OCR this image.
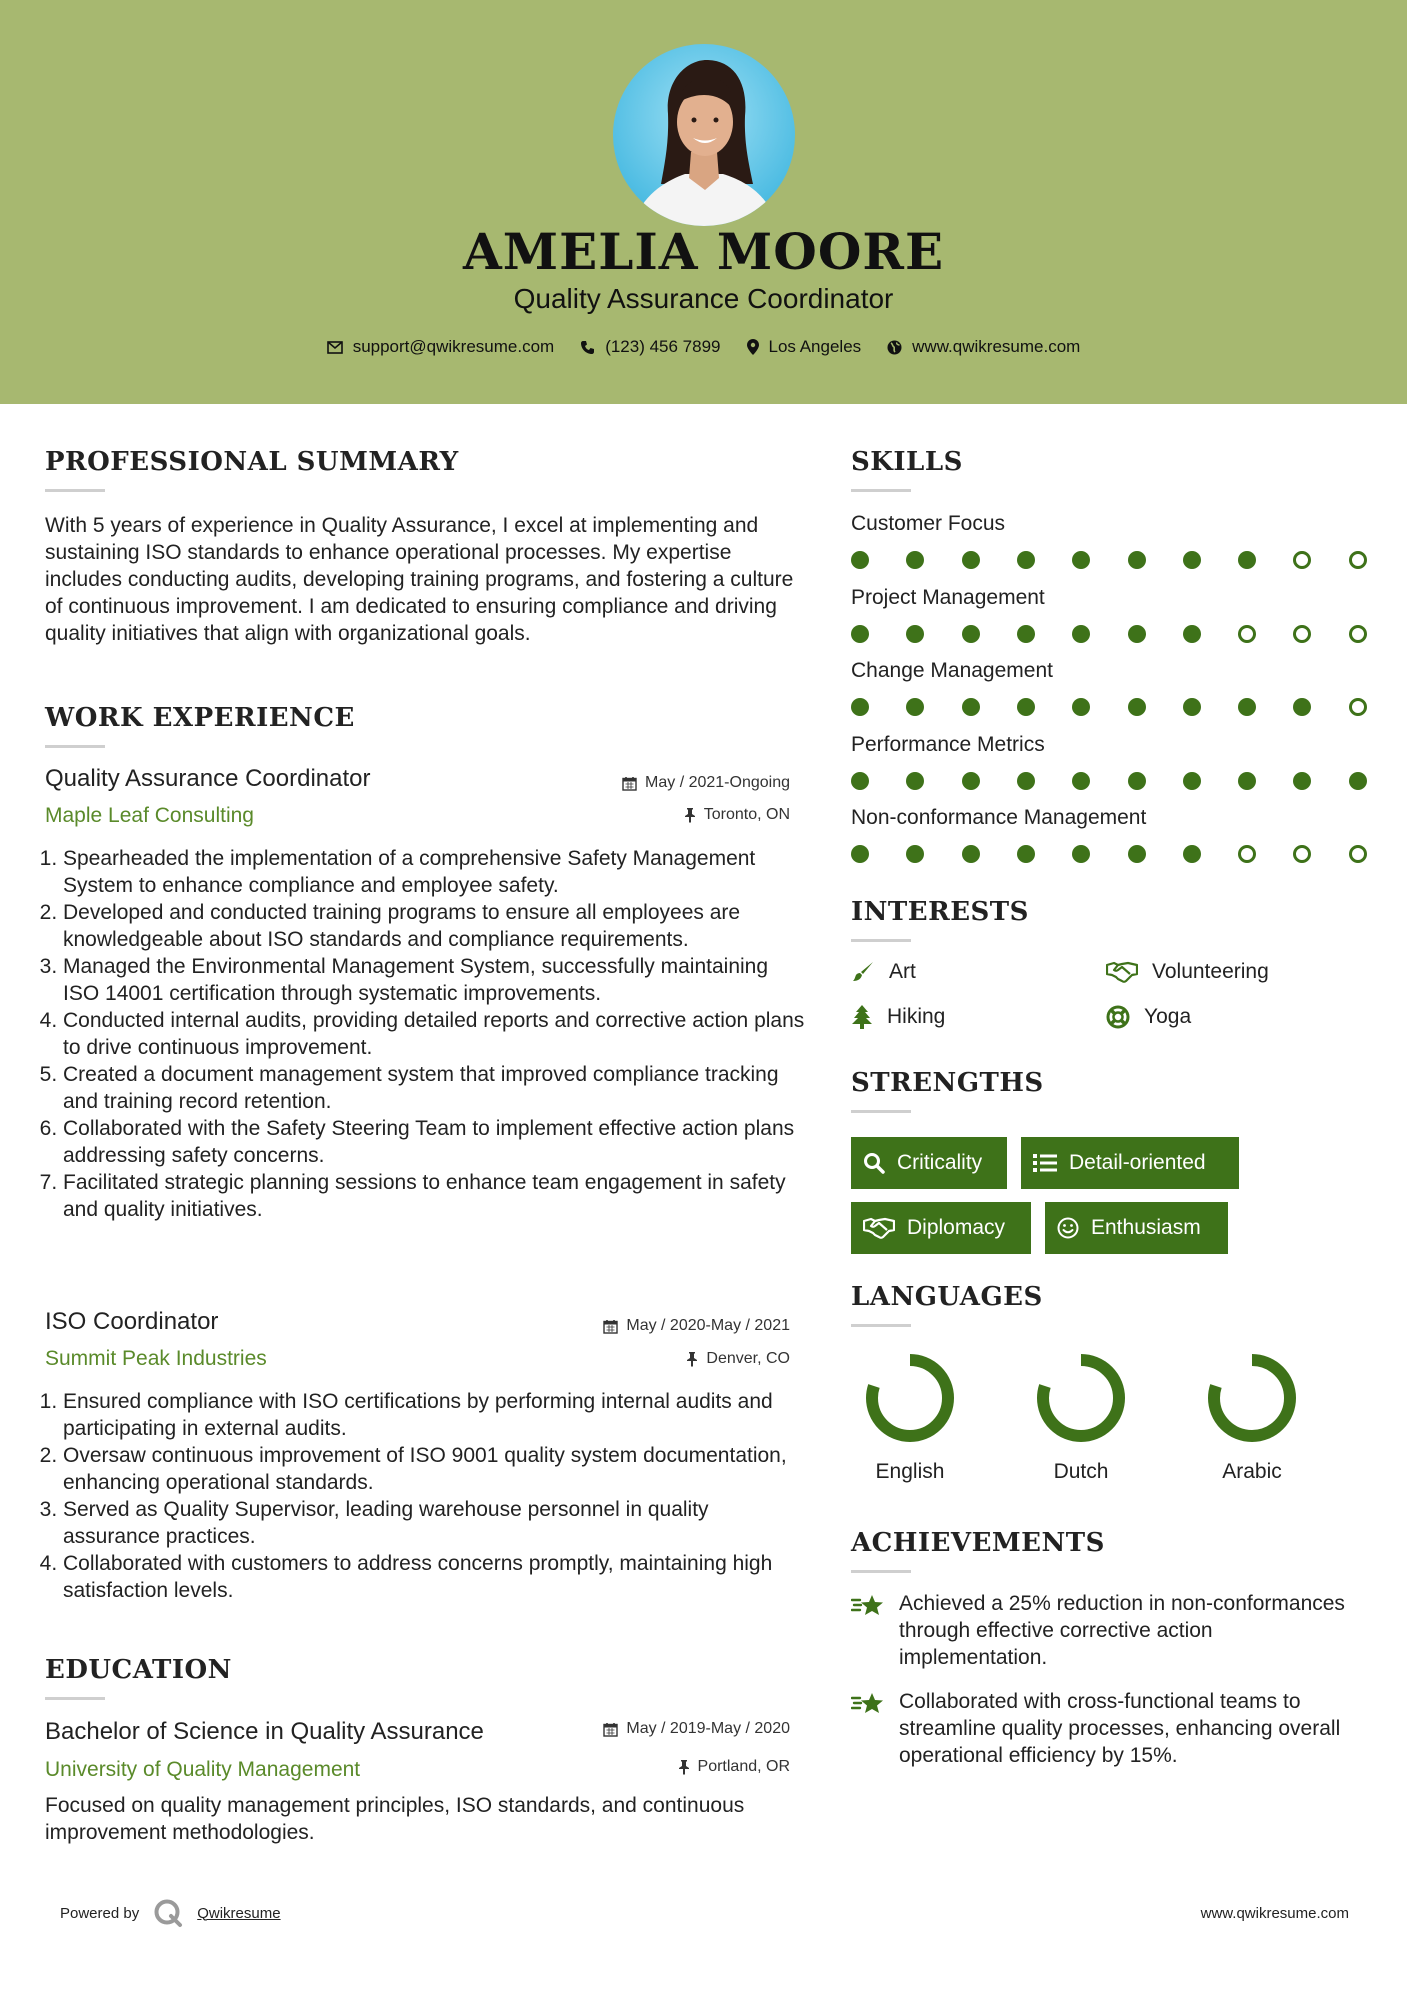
AMELIA MOORE
Quality Assurance Coordinator
support@qwikresume.com	(123) 456 7899	Los Angeles	www.qwikresume.com
PROFESSIONAL SUMMARY
With 5 years of experience in Quality Assurance, I excel at implementing and sustaining ISO standards to enhance operational processes. My expertise includes conducting audits, developing training programs, and fostering a culture of continuous improvement. I am dedicated to ensuring compliance and driving quality initiatives that align with organizational goals.
WORK EXPERIENCE
Quality Assurance Coordinator	May / 2021-Ongoing
Maple Leaf Consulting	Toronto, ON
1. Spearheaded the implementation of a comprehensive Safety Management System to enhance compliance and employee safety.
2. Developed and conducted training programs to ensure all employees are knowledgeable about ISO standards and compliance requirements.
3. Managed the Environmental Management System, successfully maintaining ISO 14001 certification through systematic improvements.
4. Conducted internal audits, providing detailed reports and corrective action plans to drive continuous improvement.
5. Created a document management system that improved compliance tracking and training record retention.
6. Collaborated with the Safety Steering Team to implement effective action plans addressing safety concerns.
7. Facilitated strategic planning sessions to enhance team engagement in safety and quality initiatives.
ISO Coordinator	May / 2020-May / 2021
Summit Peak Industries	Denver, CO
1. Ensured compliance with ISO certifications by performing internal audits and participating in external audits.
2. Oversaw continuous improvement of ISO 9001 quality system documentation, enhancing operational standards.
3. Served as Quality Supervisor, leading warehouse personnel in quality assurance practices.
4. Collaborated with customers to address concerns promptly, maintaining high satisfaction levels.
EDUCATION
Bachelor of Science in Quality Assurance	May / 2019-May / 2020
University of Quality Management	Portland, OR
Focused on quality management principles, ISO standards, and continuous improvement methodologies.
SKILLS
Customer Focus
Project Management
Change Management
Performance Metrics
Non-conformance Management
INTERESTS
Art	Volunteering
Hiking	Yoga
STRENGTHS
Criticality	Detail-oriented
Diplomacy	Enthusiasm
LANGUAGES
English	Dutch	Arabic
ACHIEVEMENTS
Achieved a 25% reduction in non-conformances through effective corrective action implementation.
Collaborated with cross-functional teams to streamline quality processes, enhancing overall operational efficiency by 15%.
Powered by	Qwikresume	www.qwikresume.com
